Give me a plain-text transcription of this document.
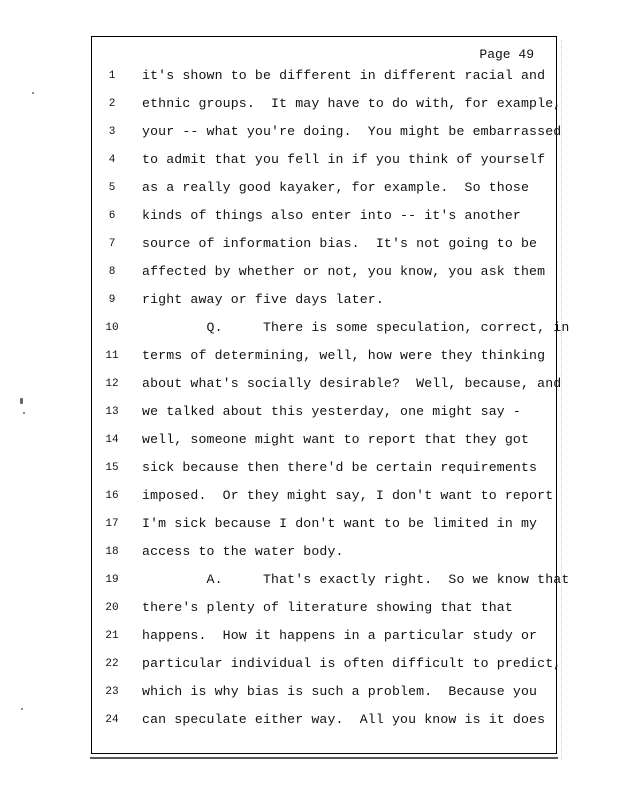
Page 49
1	it's shown to be different in different racial and
2	ethnic groups.  It may have to do with, for example,
3	your -- what you're doing.  You might be embarrassed
4	to admit that you fell in if you think of yourself
5	as a really good kayaker, for example.  So those
6	kinds of things also enter into -- it's another
7	source of information bias.  It's not going to be
8	affected by whether or not, you know, you ask them
9	right away or five days later.
10 Q.     There is some speculation, correct, in
11 terms of determining, well, how were they thinking
12 about what's socially desirable?  Well, because, and
13 we talked about this yesterday, one might say -
14 well, someone might want to report that they got
15 sick because then there'd be certain requirements
16 imposed.  Or they might say, I don't want to report
17 I'm sick because I don't want to be limited in my
18 access to the water body.
19 A.     That's exactly right.  So we know that
20 there's plenty of literature showing that that
21 happens.  How it happens in a particular study or
22 particular individual is often difficult to predict,
23 which is why bias is such a problem.  Because you
24 can speculate either way.  All you know is it does
